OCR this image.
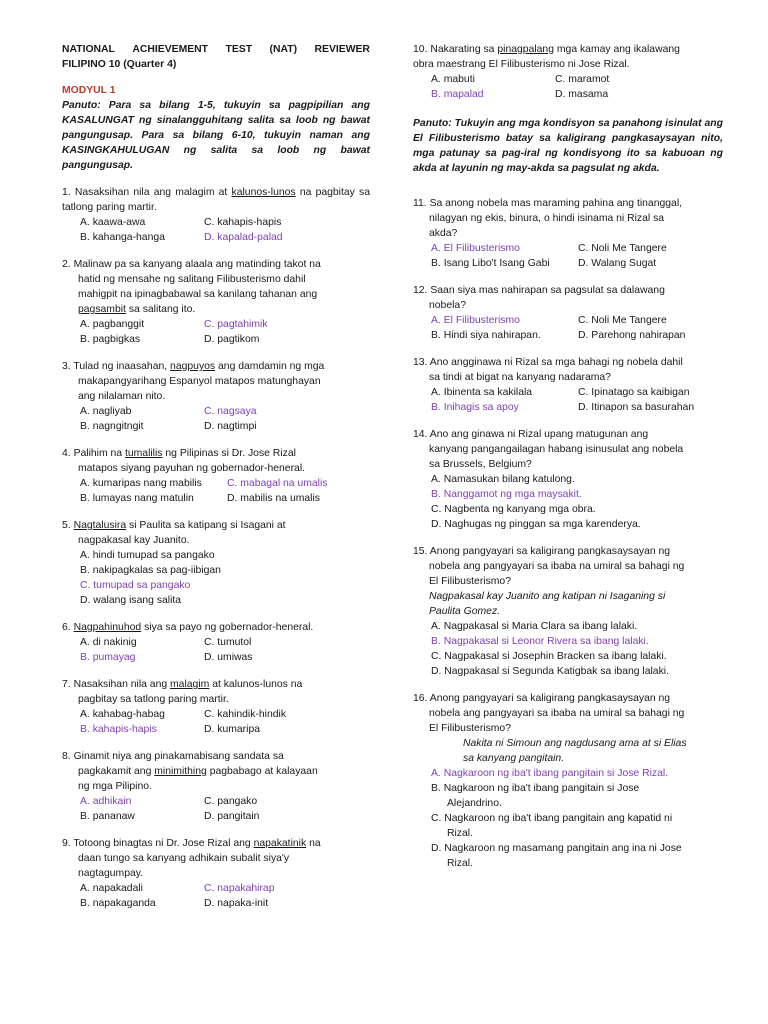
NATIONAL ACHIEVEMENT TEST (NAT) REVIEWER
FILIPINO 10 (Quarter 4)
MODYUL 1
Panuto: Para sa bilang 1-5, tukuyin sa pagpipilian ang KASALUNGAT ng sinalangguhitang salita sa loob ng bawat pangungusap. Para sa bilang 6-10, tukuyin naman ang KASINGKAHULUGAN ng salita sa loob ng bawat pangungusap.
1. Nasaksihan nila ang malagim at kalunos-lunos na pagbitay sa tatlong paring martir.
A. kaawa-awa	C. kahapis-hapis
B. kahanga-hanga	D. kapalad-palad
2. Malinaw pa sa kanyang alaala ang matinding takot na
hatid ng mensahe ng salitang Filibusterismo dahil
mahigpit na ipinagbabawal sa kanilang tahanan ang
pagsambit sa salitang ito.
A. pagbanggit	C. pagtahimik
B. pagbigkas	D. pagtikom
3. Tulad ng inaasahan, nagpuyos ang damdamin ng mga
makapangyarihang Espanyol matapos matunghayan
ang nilalaman nito.
A. nagliyab	C. nagsaya
B. nagngitngit	D. nagtimpi
4. Palihim na tumalilis ng Pilipinas si Dr. Jose Rizal
matapos siyang payuhan ng gobernador-heneral.
A. kumaripas nang mabilis	C. mabagal na umalis
B. lumayas nang matulin	D. mabilis na umalis
5. Nagtalusira si Paulita sa katipang si Isagani at
nagpakasal kay Juanito.
A. hindi tumupad sa pangako
B. nakipagkalas sa pag-iibigan
C. tumupad sa pangako
D. walang isang salita
6. Nagpahinuhod siya sa payo ng gobernador-heneral.
A. di nakinig	C. tumutol
B. pumayag	D. umiwas
7. Nasaksihan nila ang malagim at kalunos-lunos na
pagbitay sa tatlong paring martir.
A. kahabag-habag	C. kahindik-hindik
B. kahapis-hapis	D. kumaripa
8. Ginamit niya ang pinakamabisang sandata sa
pagkakamit ang minimithing pagbabago at kalayaan
ng mga Pilipino.
A. adhikain	C. pangako
B. pananaw	D. pangitain
9. Totoong binagtas ni Dr. Jose Rizal ang napakatinik na
daan tungo sa kanyang adhikain subalit siya'y
nagtagumpay.
A. napakadali	C. napakahirap
B. napakaganda	D. napaka-init
10. Nakarating sa pinagpalang mga kamay ang ikalawang
obra maestrang El Filibusterismo ni Jose Rizal.
A. mabuti	C. maramot
B. mapalad	D. masama
Panuto: Tukuyin ang mga kondisyon sa panahong isinulat ang El Filibusterismo batay sa kaligirang pangkasaysayan nito, mga patunay sa pag-iral ng kondisyong ito sa kabuoan ng akda at layunin ng may-akda sa pagsulat ng akda.
11. Sa anong nobela mas maraming pahina ang tinanggal,
nilagyan ng ekis, binura, o hindi isinama ni Rizal sa
akda?
A. El Filibusterismo	C. Noli Me Tangere
B. Isang Libo't Isang Gabi	D. Walang Sugat
12. Saan siya mas nahirapan sa pagsulat sa dalawang
nobela?
A. El Filibusterismo	C. Noli Me Tangere
B. Hindi siya nahirapan.	D. Parehong nahirapan
13. Ano angginawa ni Rizal sa mga bahagi ng nobela dahil
sa tindi at bigat na kanyang nadarama?
A. Ibinenta sa kakilala	C. Ipinatago sa kaibigan
B. Inihagis sa apoy	D. Itinapon sa basurahan
14. Ano ang ginawa ni Rizal upang matugunan ang
kanyang pangangailagan habang isinusulat ang nobela
sa Brussels, Belgium?
A. Namasukan bilang katulong.
B. Nanggamot ng mga maysakit.
C. Nagbenta ng kanyang mga obra.
D. Naghugas ng pinggan sa mga karenderya.
15. Anong pangyayari sa kaligirang pangkasaysayan ng
nobela ang pangyayari sa ibaba na umiral sa bahagi ng
El Filibusterismo?
Nagpakasal kay Juanito ang katipan ni Isaganing si
Paulita Gomez.
A. Nagpakasal si Maria Clara sa ibang lalaki.
B. Nagpakasal si Leonor Rivera sa ibang lalaki.
C. Nagpakasal si Josephin Bracken sa ibang lalaki.
D. Nagpakasal si Segunda Katigbak sa ibang lalaki.
16. Anong pangyayari sa kaligirang pangkasaysayan ng
nobela ang pangyayari sa ibaba na umiral sa bahagi ng
El Filibusterismo?
Nakita ni Simoun ang nagdusang ama at si Elias
sa kanyang pangitain.
A. Nagkaroon ng iba't ibang pangitain si Jose Rizal.
B. Nagkaroon ng iba't ibang pangitain si Jose
Alejandrino.
C. Nagkaroon ng iba't ibang pangitain ang kapatid ni
Rizal.
D. Nagkaroon ng masamang pangitain ang ina ni Jose
Rizal.
